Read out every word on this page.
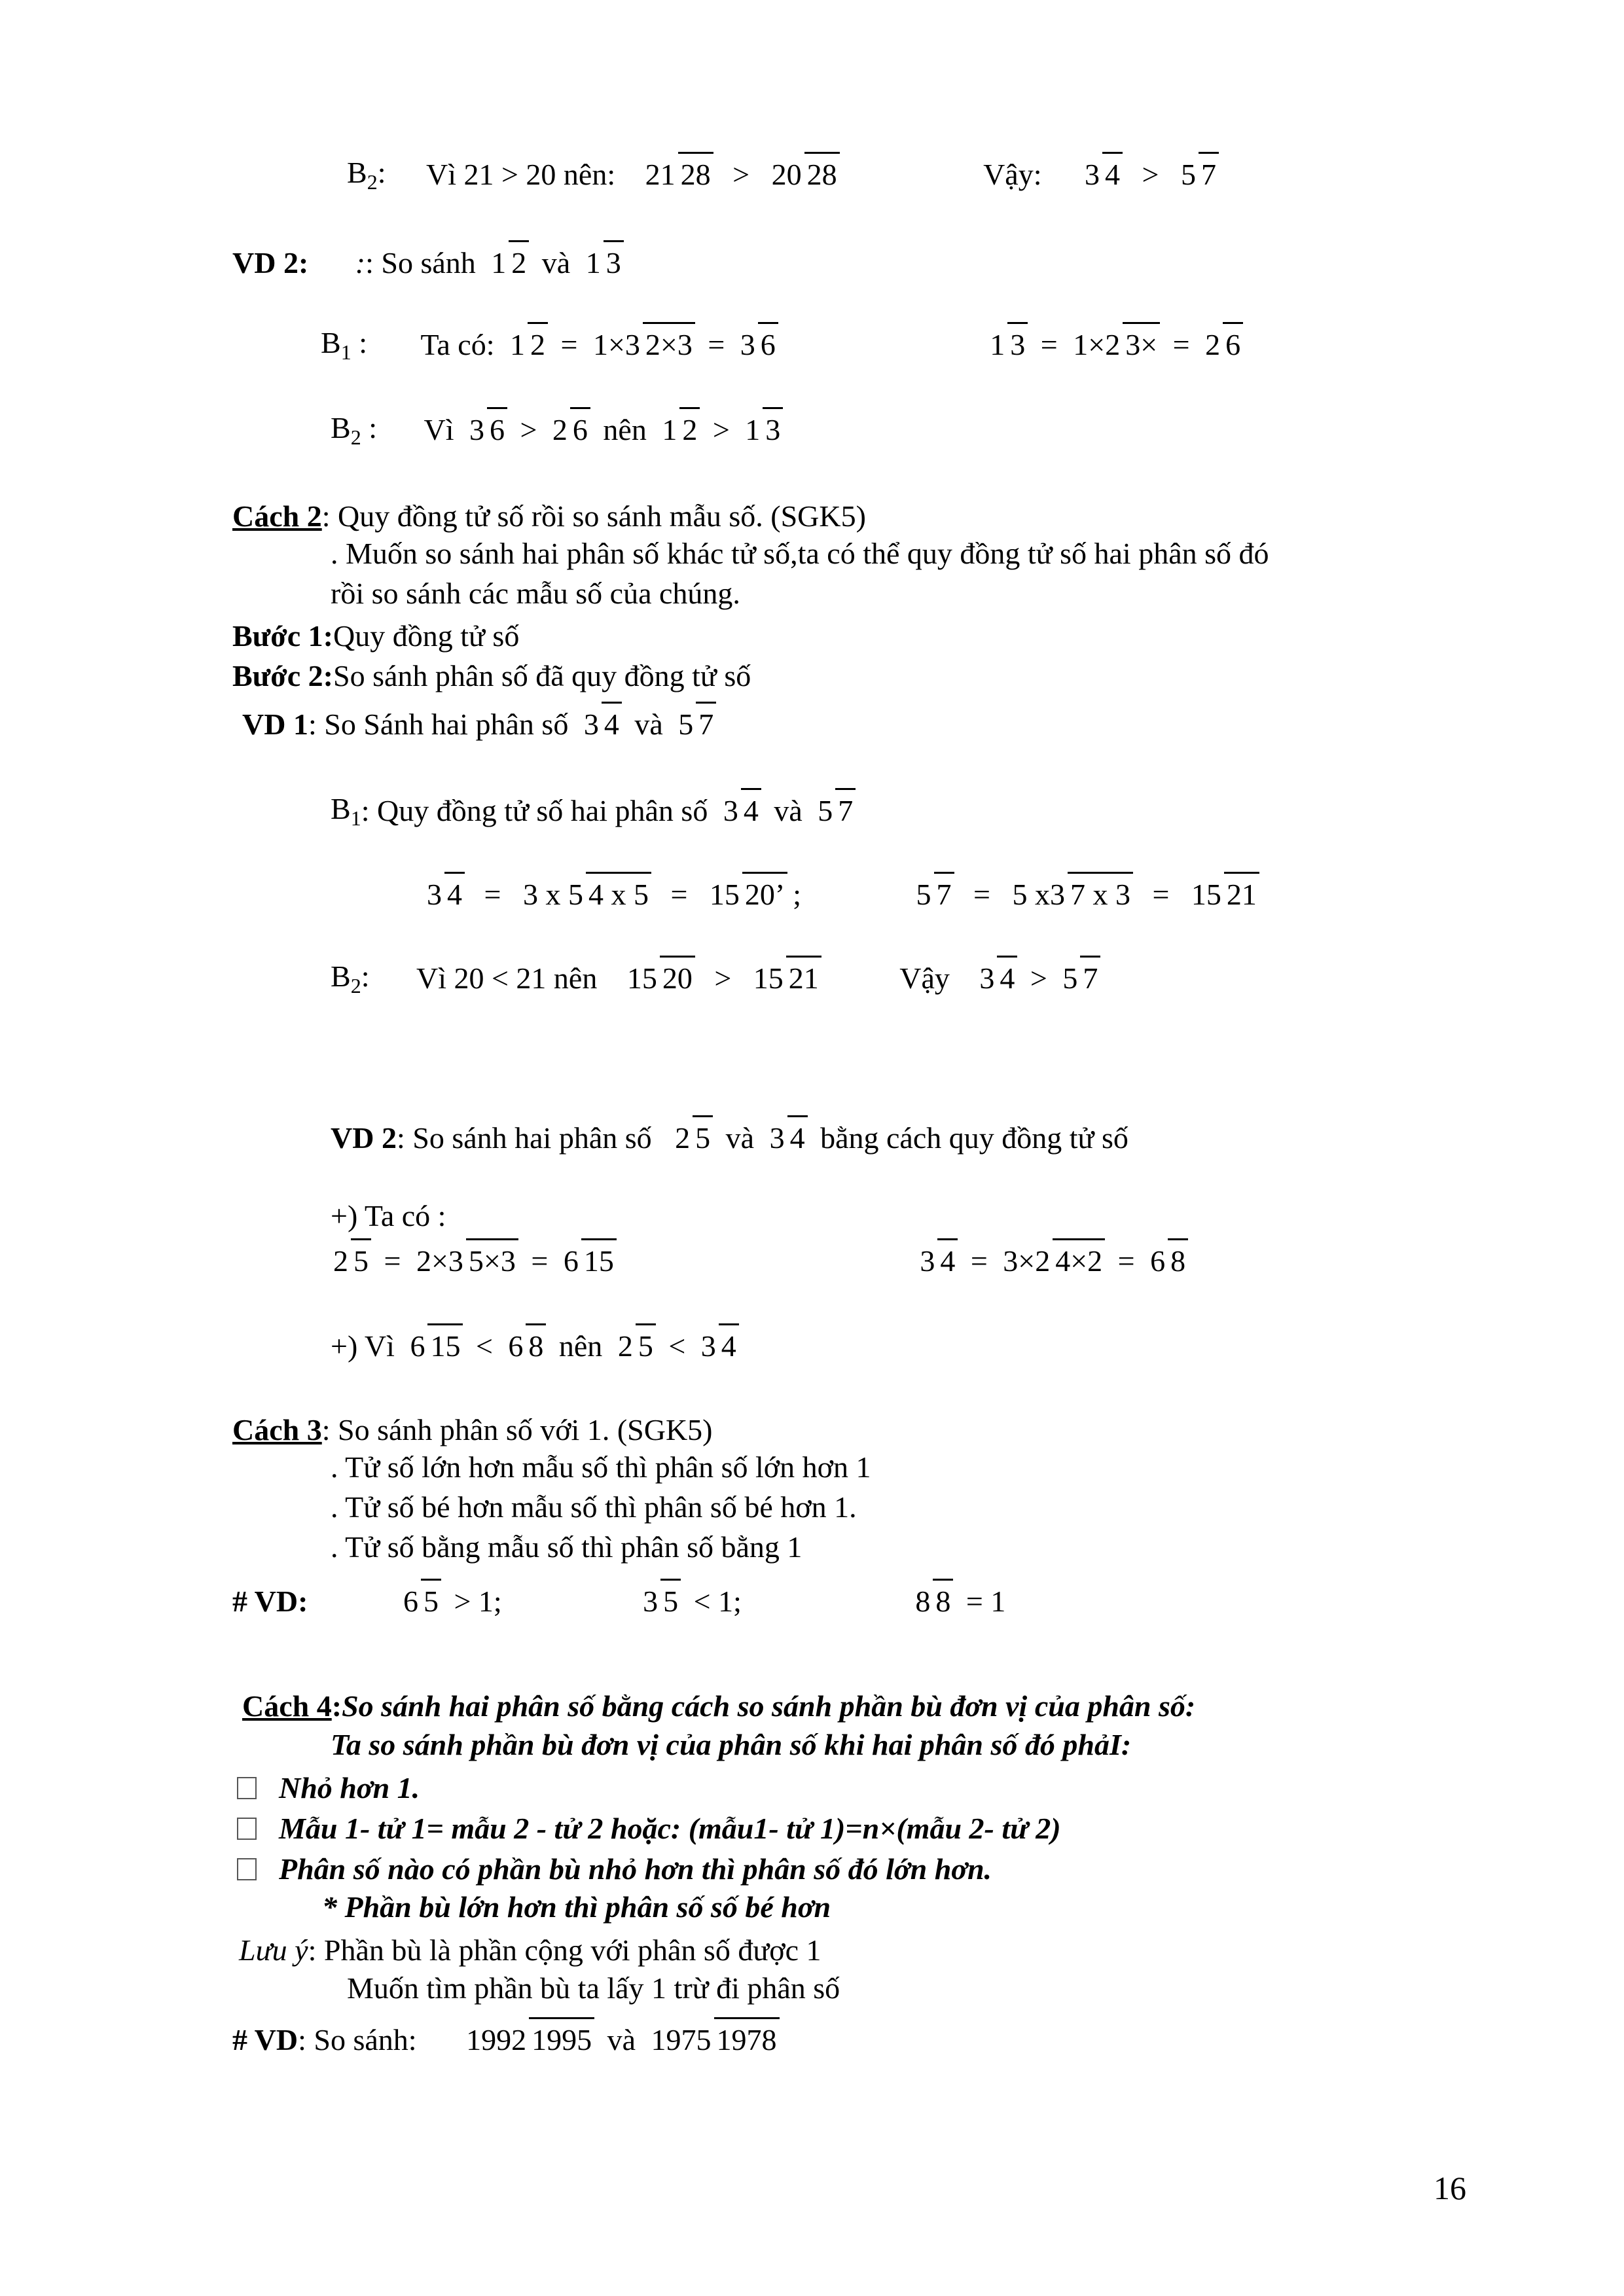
$B_2$: Vì 21 > 20 nên: 21 28 > 20 28	Vậy: 3 4 > 5 7
VD 2: :: So sánh 1 2 và 1 3
$B_1$ : Ta có: 1 2 = 1×3 2×3 = 3 6	1 3 = 1×2 3× = 2 6
$B_2$ : Vì 3 6 > 2 6 nên 1 2 > 1 3
Cách 2: Quy đồng tử số rồi so sánh mẫu số. (SGK5)
. Muốn so sánh hai phân số khác tử số,ta có thể quy đồng tử số hai phân số đó
rồi so sánh các mẫu số của chúng.
Bước 1:Quy đồng tử số
Bước 2:So sánh phân số đã quy đồng tử số
VD 1: So Sánh hai phân số 3 4 và 5 7
$B_1$: Quy đồng tử số hai phân số 3 4 và 5 7
3 4 = 3 x 5 4 x 5 = 15 20’ ;	5 7 = 5 x3 7 x 3 = 15 21
$B_2$: Vì 20 < 21 nên 15 20 > 15 21	Vậy 3 4 > 5 7
VD 2: So sánh hai phân số 2 5 và 3 4 bằng cách quy đồng tử số
+) Ta có :
2 5 = 2×3 5×3 = 6 15	3 4 = 3×2 4×2 = 6 8
+) Vì 6 15 < 6 8 nên 2 5 < 3 4
Cách 3: So sánh phân số với 1. (SGK5)
. Tử số lớn hơn mẫu số thì phân số lớn hơn 1
. Tử số bé hơn mẫu số thì phân số bé hơn 1.
. Tử số bằng mẫu số thì phân số bằng 1
# VD:	6 5 > 1;	3 5 < 1;	8 8 = 1
Cách 4:So sánh hai phân số bằng cách so sánh phần bù đơn vị của phân số:
Ta so sánh phần bù đơn vị của phân số khi hai phân số đó phảI:
Nhỏ hơn 1.
Mẫu 1- tử 1= mẫu 2 - tử 2 hoặc: (mẫu1- tử 1)=n×(mẫu 2- tử 2)
Phân số nào có phần bù nhỏ hơn thì phân số đó lớn hơn.
* Phần bù lớn hơn thì phân số số bé hơn
Lưu ý: Phần bù là phần cộng với phân số được 1
Muốn tìm phần bù ta lấy 1 trừ đi phân số
# VD: So sánh: 1992 1995 và 1975 1978
16
